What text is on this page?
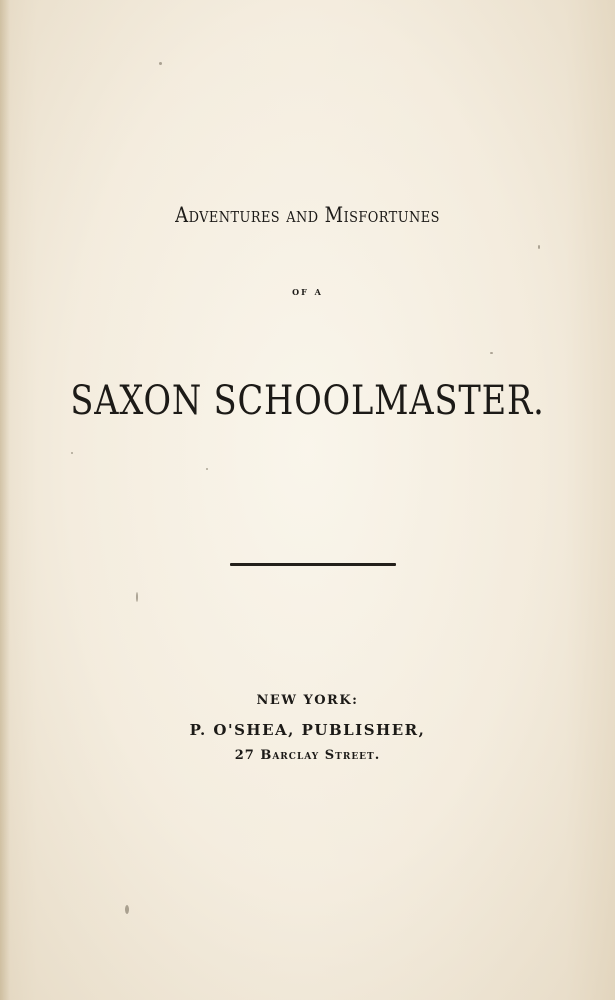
Adventures and Misfortunes
of a
SAXON SCHOOLMASTER.
NEW YORK:
P. O'SHEA, PUBLISHER,
27 Barclay Street.
